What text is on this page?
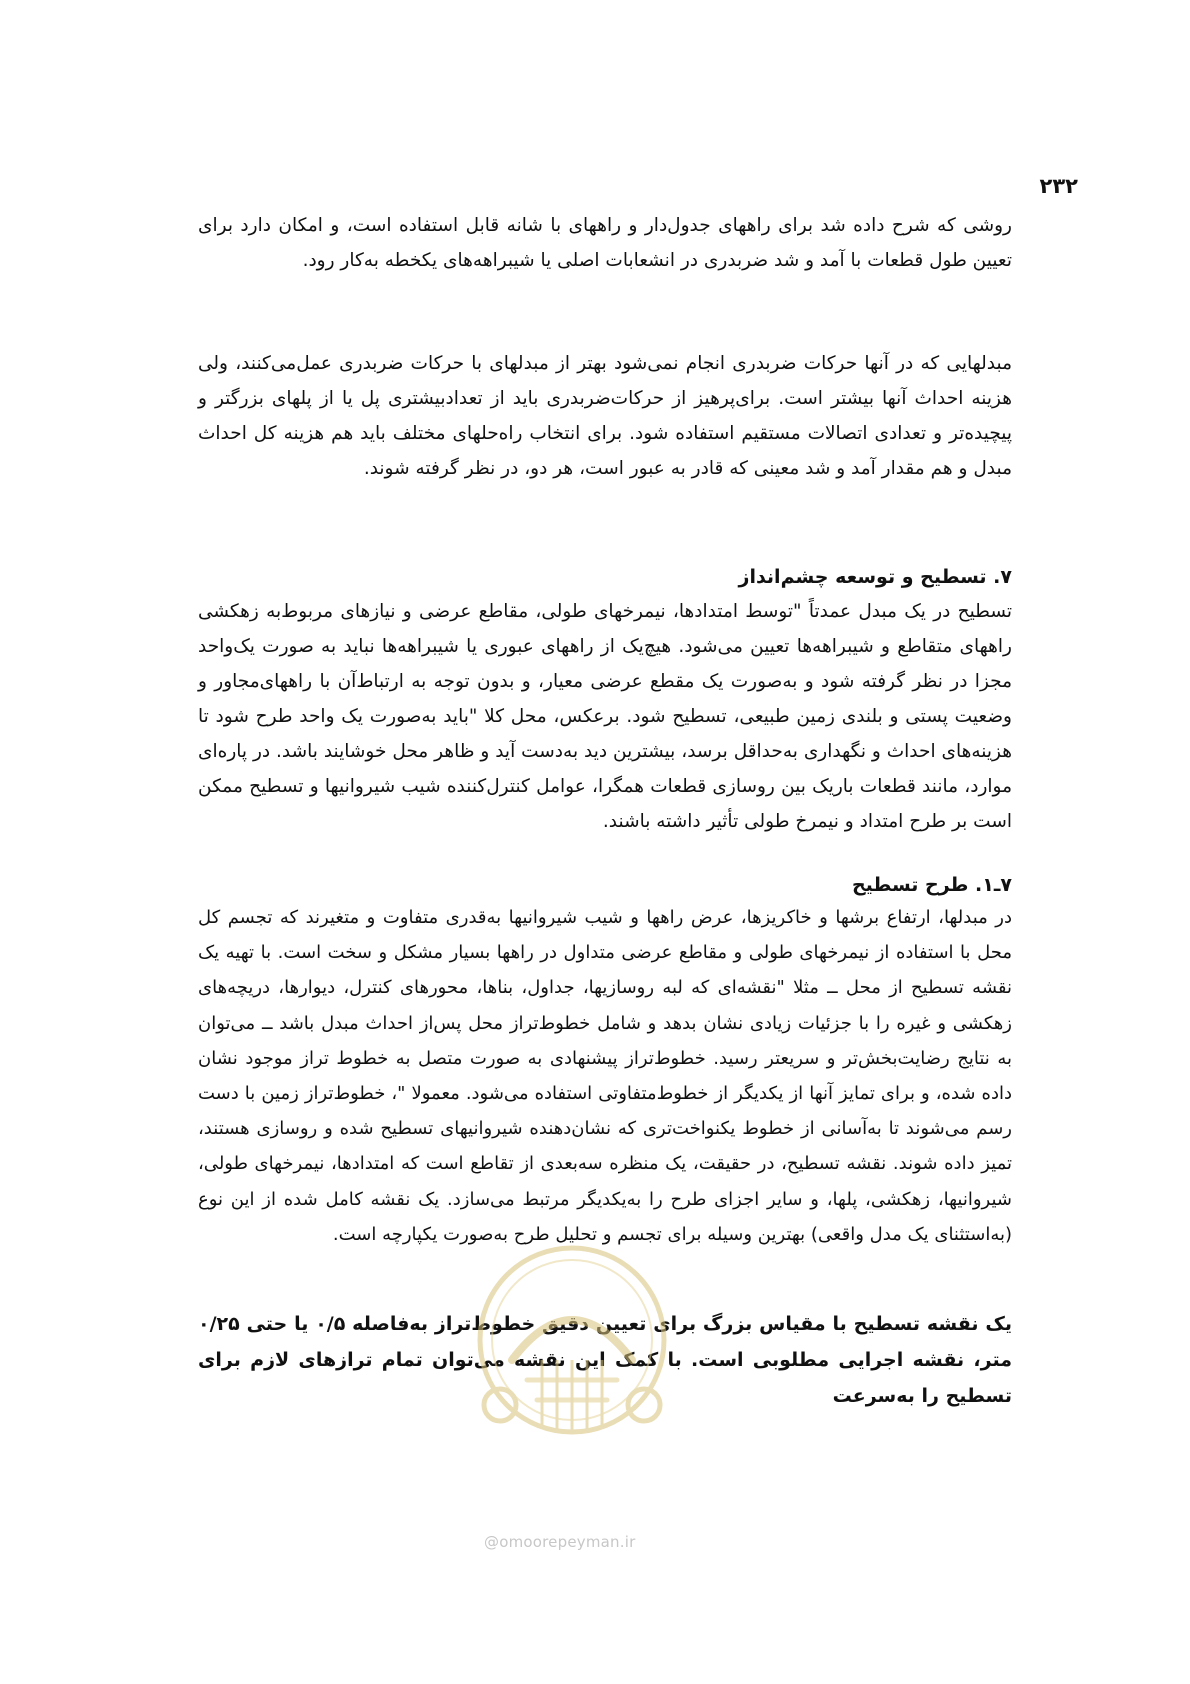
۲۳۲

روشی که شرح داده شد برای راههای جدول‌دار و راههای با شانه قابل استفاده است، و امکان دارد برای تعیین طول قطعات با آمد و شد ضربدری در انشعابات اصلی یا شیبراهه‌های یکخطه به‌کار رود.

مبدلهایی که در آنها حرکات ضربدری انجام نمی‌شود بهتر از مبدلهای با حرکات ضربدری عمل‌می‌کنند، ولی هزینه احداث آنها بیشتر است. برای‌پرهیز از حرکات‌ضربدری باید از تعدادبیشتری پل یا از پلهای بزرگتر و پیچیده‌تر و تعدادی اتصالات مستقیم استفاده شود. برای انتخاب راه‌حلهای مختلف باید هم هزینه کل احداث مبدل و هم مقدار آمد و شد معینی که قادر به عبور است، هر دو، در نظر گرفته شوند.

۷. تسطیح و توسعه چشم‌انداز

تسطیح در یک مبدل عمدتاً "توسط امتدادها، نیمرخهای طولی، مقاطع عرضی و نیازهای مربوط‌به زهکشی راههای متقاطع و شیبراهه‌ها تعیین می‌شود. هیچ‌یک از راههای عبوری یا شیبراهه‌ها نباید به صورت یک‌واحد مجزا در نظر گرفته شود و به‌صورت یک مقطع عرضی معیار، و بدون توجه به ارتباط‌آن با راههای‌مجاور و وضعیت پستی و بلندی زمین طبیعی، تسطیح شود. برعکس، محل کلا "باید به‌صورت یک واحد طرح شود تا هزینه‌های احداث و نگهداری به‌حداقل برسد، بیشترین دید به‌دست آید و ظاهر محل خوشایند باشد. در پاره‌ای موارد، مانند قطعات باریک بین روسازی قطعات همگرا، عوامل کنترل‌کننده شیب شیروانیها و تسطیح ممکن است بر طرح امتداد و نیمرخ طولی تأثیر داشته باشند.

۷ـ۱. طرح تسطیح

در مبدلها، ارتفاع برشها و خاکریزها، عرض راهها و شیب شیروانیها به‌قدری متفاوت و متغیرند که تجسم کل محل با استفاده از نیمرخهای طولی و مقاطع عرضی متداول در راهها بسیار مشکل و سخت است. با تهیه یک نقشه تسطیح از محل ــ مثلا "نقشه‌ای که لبه روسازیها، جداول، بناها، محورهای کنترل، دیوارها، دریچه‌های زهکشی و غیره را با جزئیات زیادی نشان بدهد و شامل خطوط‌تراز محل پس‌از احداث مبدل باشد ــ می‌توان به نتایج رضایت‌بخش‌تر و سریعتر رسید. خطوط‌تراز پیشنهادی به صورت متصل به خطوط تراز موجود نشان داده شده، و برای تمایز آنها از یکدیگر از خطوط‌متفاوتی استفاده می‌شود. معمولا "، خطوط‌تراز زمین با دست رسم می‌شوند تا به‌آسانی از خطوط یکنواخت‌تری که نشان‌دهنده شیروانیهای تسطیح شده و روسازی هستند، تمیز داده شوند. نقشه تسطیح، در حقیقت، یک منظره سه‌بعدی از تقاطع است که امتدادها، نیمرخهای طولی، شیروانیها، زهکشی، پلها، و سایر اجزای طرح را به‌یکدیگر مرتبط می‌سازد. یک نقشه کامل شده از این نوع (به‌استثنای یک مدل واقعی) بهترین وسیله برای تجسم و تحلیل طرح به‌صورت یکپارچه است.

یک نقشه تسطیح با مقیاس بزرگ برای تعیین دقیق خطوط‌تراز به‌فاصله ۰/۵ یا حتی ۰/۲۵ متر، نقشه اجرایی مطلوبی است. با کمک این نقشه می‌توان تمام ترازهای لازم برای تسطیح را به‌سرعت

@omoorepeyman.ir
